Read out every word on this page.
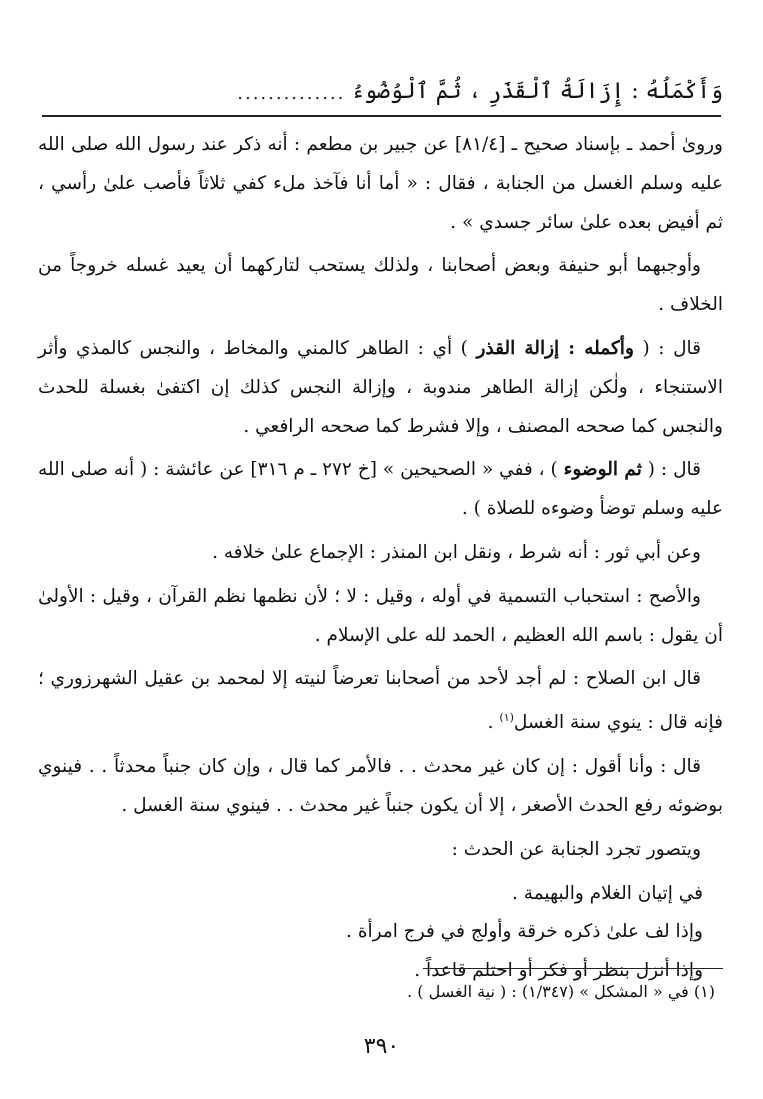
وَأَكْمَلُهُ : إِزَالَةُ ٱلْقَذَرِ ، ثُمَّ ٱلْوُضُوءُ
..............

ورویٰ أحمد ـ بإسناد صحيح ـ [٨١/٤] عن جبير بن مطعم : أنه ذكر عند رسول الله صلى الله عليه وسلم الغسل من الجنابة ، فقال : « أما أنا فآخذ ملء كفي ثلاثاً فأصب علىٰ رأسي ، ثم أفيض بعده علىٰ سائر جسدي » .

وأوجبهما أبو حنيفة وبعض أصحابنا ، ولذلك يستحب لتاركهما أن يعيد غسله خروجاً من الخلاف .

قال : ( وأكمله : إزالة القذر ) أي : الطاهر كالمني والمخاط ، والنجس كالمذي وأثر الاستنجاء ، ولٰكن إزالة الطاهر مندوبة ، وإزالة النجس كذلك إن اكتفىٰ بغسلة للحدث والنجس كما صححه المصنف ، وإلا فشرط كما صححه الرافعي .

قال : ( ثم الوضوء ) ، ففي « الصحيحين » [خ ٢٧٢ ـ م ٣١٦] عن عائشة : ( أنه صلى الله عليه وسلم توضأ وضوءه للصلاة ) .

وعن أبي ثور : أنه شرط ، ونقل ابن المنذر : الإجماع علىٰ خلافه .

والأصح : استحباب التسمية في أوله ، وقيل : لا ؛ لأن نظمها نظم القرآن ، وقيل : الأولىٰ أن يقول : باسم الله العظيم ، الحمد لله على الإسلام .

قال ابن الصلاح : لم أجد لأحد من أصحابنا تعرضاً لنيته إلا لمحمد بن عقيل الشهرزوري ؛ فإنه قال : ينوي سنة الغسل$^{(١)}$ .

قال : وأنا أقول : إن كان غير محدث . . فالأمر كما قال ، وإن كان جنباً محدثاً . . فينوي بوضوئه رفع الحدث الأصغر ، إلا أن يكون جنباً غير محدث . . فينوي سنة الغسل .

ويتصور تجرد الجنابة عن الحدث :

في إتيان الغلام والبهيمة .
وإذا لف علىٰ ذكره خرقة وأولج في فرج امرأة .
وإذا أنزل بنظر أو فكر أو احتلم قاعداً .
(١) في « المشكل » (١/٣٤٧) : ( نية الغسل ) .
٣٩٠
